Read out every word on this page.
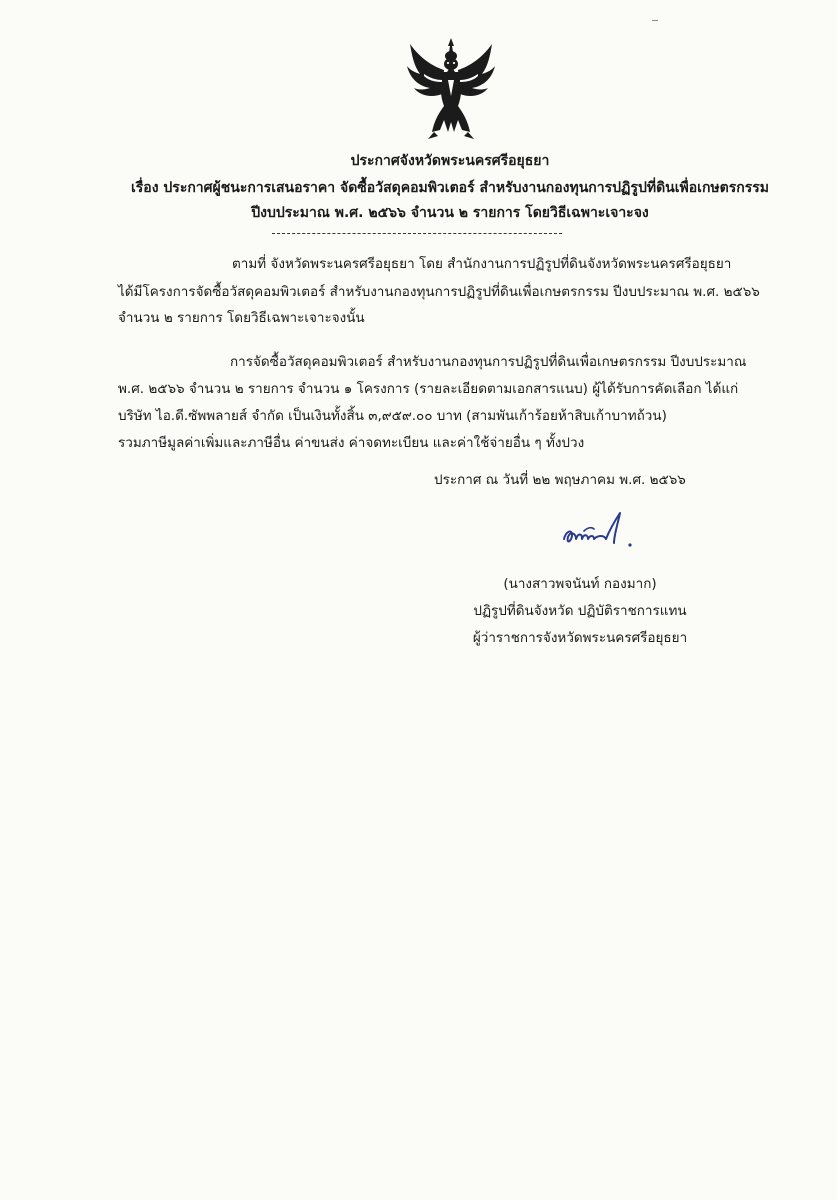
ประกาศจังหวัดพระนครศรีอยุธยา
เรื่อง ประกาศผู้ชนะการเสนอราคา จัดซื้อวัสดุคอมพิวเตอร์ สำหรับงานกองทุนการปฏิรูปที่ดินเพื่อเกษตรกรรม
ปีงบประมาณ พ.ศ. ๒๕๖๖ จำนวน ๒ รายการ โดยวิธีเฉพาะเจาะจง
ตามที่ จังหวัดพระนครศรีอยุธยา โดย สำนักงานการปฏิรูปที่ดินจังหวัดพระนครศรีอยุธยา
ได้มีโครงการจัดซื้อวัสดุคอมพิวเตอร์ สำหรับงานกองทุนการปฏิรูปที่ดินเพื่อเกษตรกรรม ปีงบประมาณ พ.ศ. ๒๕๖๖
จำนวน ๒ รายการ โดยวิธีเฉพาะเจาะจงนั้น
การจัดซื้อวัสดุคอมพิวเตอร์ สำหรับงานกองทุนการปฏิรูปที่ดินเพื่อเกษตรกรรม ปีงบประมาณ
พ.ศ. ๒๕๖๖ จำนวน ๒ รายการ จำนวน ๑ โครงการ (รายละเอียดตามเอกสารแนบ) ผู้ได้รับการคัดเลือก ได้แก่
บริษัท ไอ.ดี.ซัพพลายส์ จำกัด เป็นเงินทั้งสิ้น ๓,๙๕๙.๐๐ บาท (สามพันเก้าร้อยห้าสิบเก้าบาทถ้วน)
รวมภาษีมูลค่าเพิ่มและภาษีอื่น ค่าขนส่ง ค่าจดทะเบียน และค่าใช้จ่ายอื่น ๆ ทั้งปวง
ประกาศ ณ วันที่ ๒๒ พฤษภาคม พ.ศ. ๒๕๖๖
(นางสาวพจนันท์ กองมาก)
ปฏิรูปที่ดินจังหวัด ปฏิบัติราชการแทน
ผู้ว่าราชการจังหวัดพระนครศรีอยุธยา
